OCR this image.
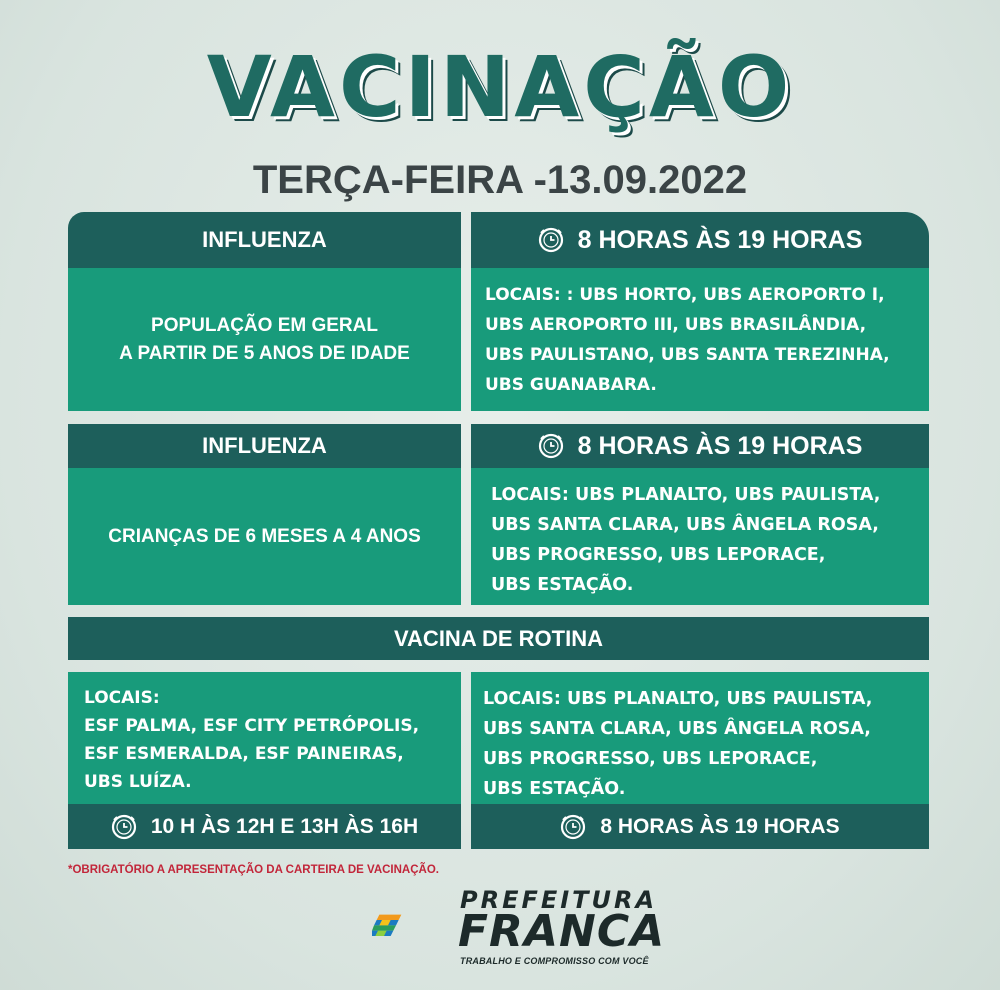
VACINAÇÃO
TERÇA-FEIRA -13.09.2022
INFLUENZA
POPULAÇÃO EM GERAL
A PARTIR DE 5 ANOS DE IDADE
8 HORAS ÀS 19 HORAS
LOCAIS: : UBS HORTO, UBS AEROPORTO I,
UBS AEROPORTO III, UBS BRASILÂNDIA,
UBS PAULISTANO, UBS SANTA TEREZINHA,
UBS GUANABARA.
INFLUENZA
CRIANÇAS DE 6 MESES A 4 ANOS
8 HORAS ÀS 19 HORAS
LOCAIS: UBS PLANALTO, UBS PAULISTA,
UBS SANTA CLARA, UBS ÂNGELA ROSA,
UBS PROGRESSO, UBS LEPORACE,
UBS ESTAÇÃO.
VACINA DE ROTINA
LOCAIS:
ESF PALMA, ESF CITY PETRÓPOLIS,
ESF ESMERALDA, ESF PAINEIRAS,
UBS LUÍZA.
10 H ÀS 12H E 13H ÀS 16H
LOCAIS: UBS PLANALTO, UBS PAULISTA,
UBS SANTA CLARA, UBS ÂNGELA ROSA,
UBS PROGRESSO, UBS LEPORACE,
UBS ESTAÇÃO.
8 HORAS ÀS 19 HORAS
*OBRIGATÓRIO A APRESENTAÇÃO DA CARTEIRA DE VACINAÇÃO.
PREFEITURA
FRANCA
TRABALHO E COMPROMISSO COM VOCÊ
